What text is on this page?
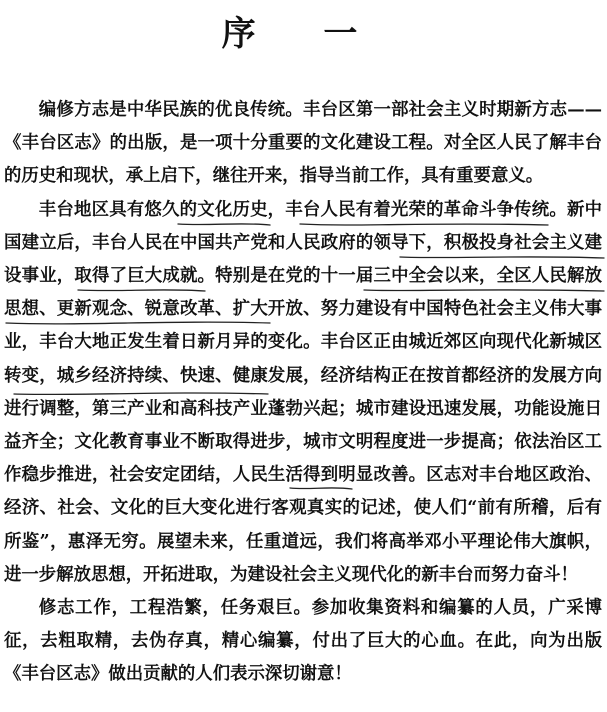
序 一

编修方志是中华民族的优良传统。丰台区第一部社会主义时期新方志——《丰台区志》的出版，是一项十分重要的文化建设工程。对全区人民了解丰台的历史和现状，承上启下，继往开来，指导当前工作，具有重要意义。

丰台地区具有悠久的文化历史，丰台人民有着光荣的革命斗争传统。新中国建立后，丰台人民在中国共产党和人民政府的领导下，积极投身社会主义建设事业，取得了巨大成就。特别是在党的十一届三中全会以来，全区人民解放思想、更新观念、锐意改革、扩大开放、努力建设有中国特色社会主义伟大事业，丰台大地正发生着日新月异的变化。丰台区正由城近郊区向现代化新城区转变，城乡经济持续、快速、健康发展，经济结构正在按首都经济的发展方向进行调整，第三产业和高科技产业蓬勃兴起；城市建设迅速发展，功能设施日益齐全；文化教育事业不断取得进步，城市文明程度进一步提高；依法治区工作稳步推进，社会安定团结，人民生活得到明显改善。区志对丰台地区政治、经济、社会、文化的巨大变化进行客观真实的记述，使人们“前有所稽，后有所鉴”，惠泽无穷。展望未来，任重道远，我们将高举邓小平理论伟大旗帜，进一步解放思想，开拓进取，为建设社会主义现代化的新丰台而努力奋斗！

修志工作，工程浩繁，任务艰巨。参加收集资料和编纂的人员，广采博征，去粗取精，去伪存真，精心编纂，付出了巨大的心血。在此，向为出版《丰台区志》做出贡献的人们表示深切谢意！
